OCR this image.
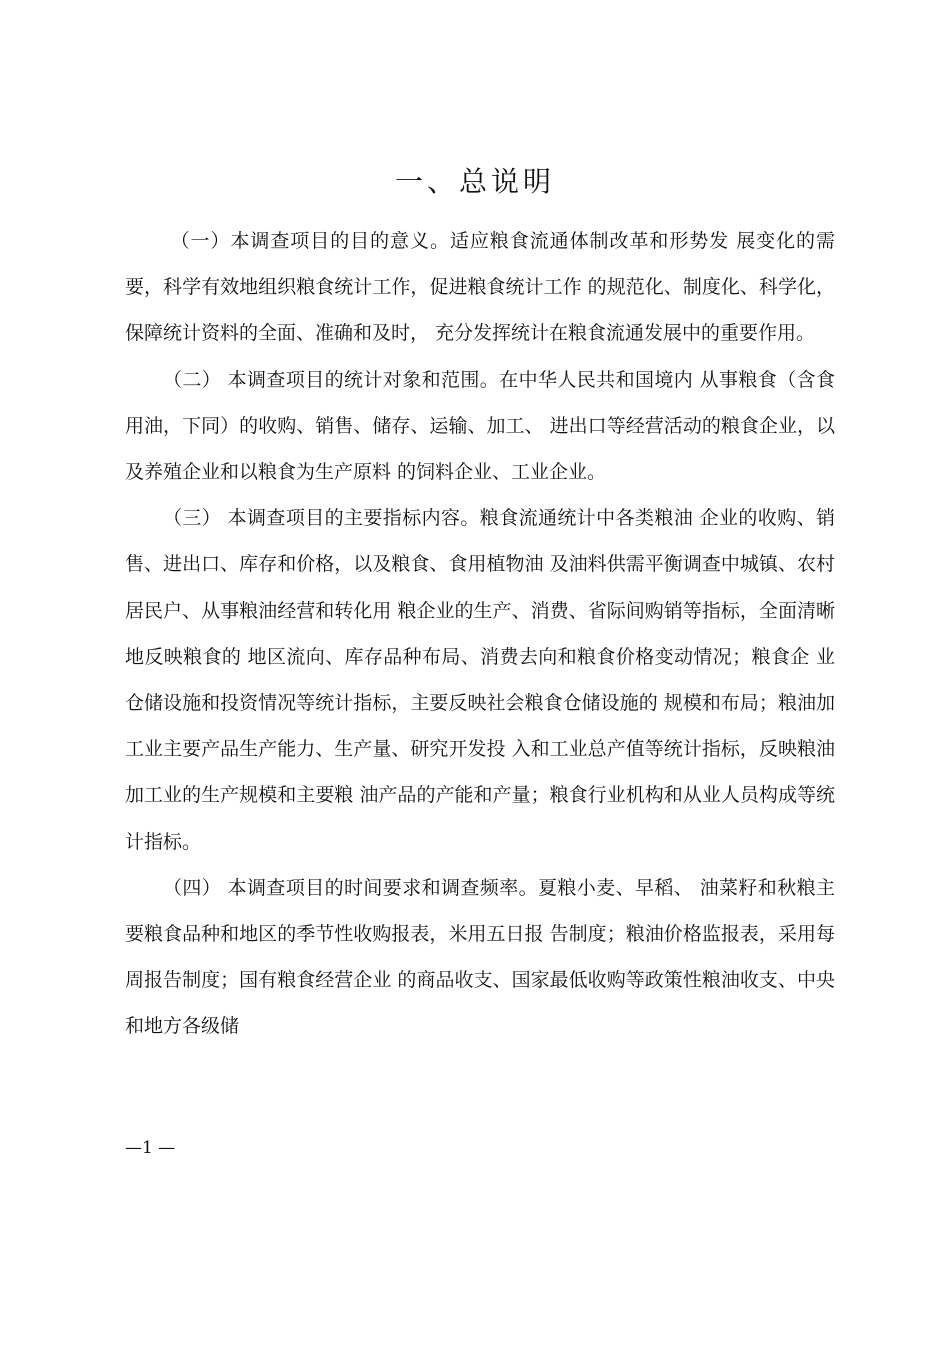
一、总说明

（一）本调查项目的目的意义。适应粮食流通体制改革和形势发 展变化的需要，科学有效地组织粮食统计工作，促进粮食统计工作 的规范化、制度化、科学化，保障统计资料的全面、准确和及时， 充分发挥统计在粮食流通发展中的重要作用。

（二） 本调查项目的统计对象和范围。在中华人民共和国境内 从事粮食（含食用油，下同）的收购、销售、储存、运输、加工、 进出口等经营活动的粮食企业，以及养殖企业和以粮食为生产原料 的饲料企业、工业企业。

（三） 本调查项目的主要指标内容。粮食流通统计中各类粮油 企业的收购、销售、进出口、库存和价格，以及粮食、食用植物油 及油料供需平衡调查中城镇、农村居民户、从事粮油经营和转化用 粮企业的生产、消费、省际间购销等指标，全面清晰地反映粮食的 地区流向、库存品种布局、消费去向和粮食价格变动情况；粮食企 业仓储设施和投资情况等统计指标，主要反映社会粮食仓储设施的 规模和布局；粮油加工业主要产品生产能力、生产量、研究开发投 入和工业总产值等统计指标，反映粮油加工业的生产规模和主要粮 油产品的产能和产量；粮食行业机构和从业人员构成等统计指标。

（四） 本调查项目的时间要求和调查频率。夏粮小麦、早稻、 油菜籽和秋粮主要粮食品种和地区的季节性收购报表，米用五日报 告制度；粮油价格监报表，采用每周报告制度；国有粮食经营企业 的商品收支、国家最低收购等政策性粮油收支、中央和地方各级储

—1 —
